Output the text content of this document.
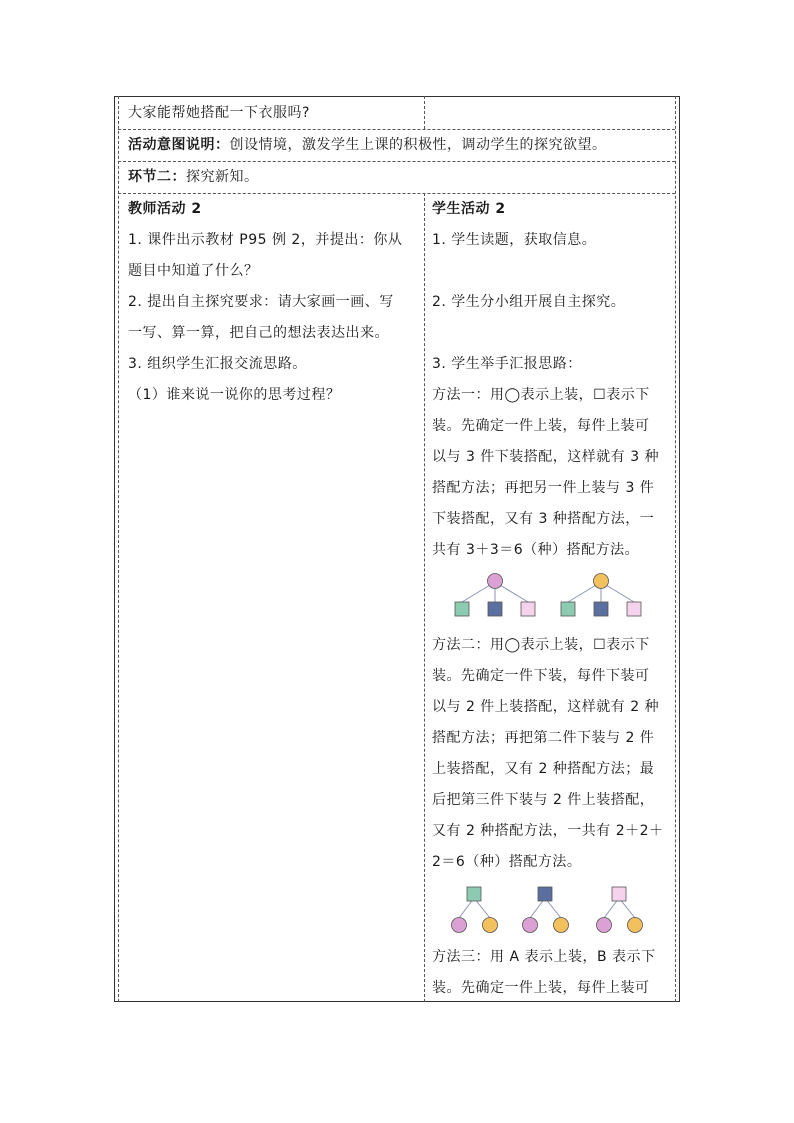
大家能帮她搭配一下衣服吗?
活动意图说明：创设情境，激发学生上课的积极性，调动学生的探究欲望。
环节二：探究新知。
教师活动 2
1. 课件出示教材 P95 例 2，并提出：你从
题目中知道了什么？
2. 提出自主探究要求：请大家画一画、写
一写、算一算，把自己的想法表达出来。
3. 组织学生汇报交流思路。
（1）谁来说一说你的思考过程？
学生活动 2
1. 学生读题，获取信息。
2. 学生分小组开展自主探究。
3. 学生举手汇报思路：
方法一：用◯表示上装，☐表示下
装。先确定一件上装，每件上装可
以与 3 件下装搭配，这样就有 3 种
搭配方法；再把另一件上装与 3 件
下装搭配，又有 3 种搭配方法，一
共有 3＋3＝6（种）搭配方法。
方法二：用◯表示上装，☐表示下
装。先确定一件下装，每件下装可
以与 2 件上装搭配，这样就有 2 种
搭配方法；再把第二件下装与 2 件
上装搭配，又有 2 种搭配方法；最
后把第三件下装与 2 件上装搭配，
又有 2 种搭配方法，一共有 2＋2＋
2＝6（种）搭配方法。
方法三：用 A 表示上装，B 表示下
装。先确定一件上装，每件上装可
